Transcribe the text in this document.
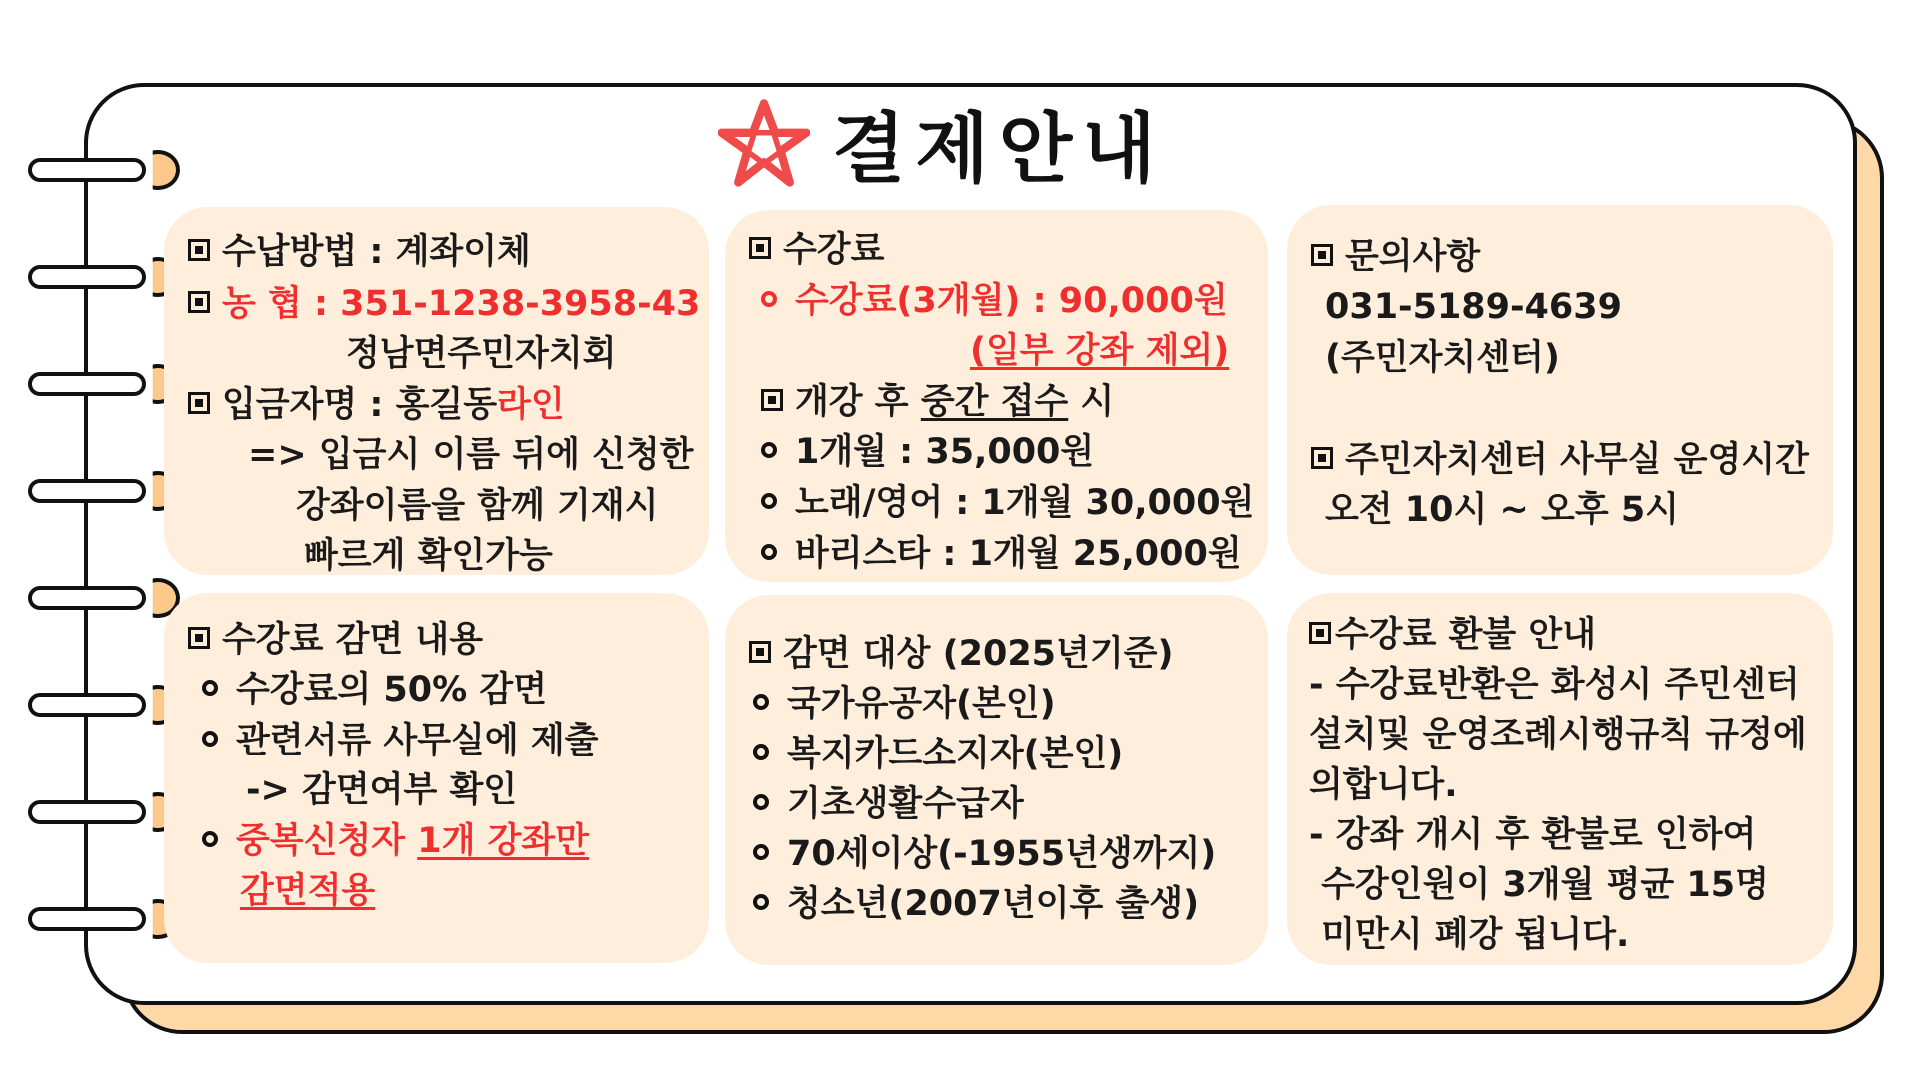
결제안내
수납방법 : 계좌이체
농 협 : 351-1238-3958-43
정남면주민자치회
입금자명 : 홍길동라인
=> 입금시 이름 뒤에 신청한
강좌이름을 함께 기재시
빠르게 확인가능
수강료
수강료(3개월) : 90,000원
(일부 강좌 제외)
개강 후 중간 접수 시
1개월 : 35,000원
노래/영어 : 1개월 30,000원
바리스타 : 1개월 25,000원
문의사항
031-5189-4639
(주민자치센터)
주민자치센터 사무실 운영시간
오전 10시 ~ 오후 5시
수강료 감면 내용
수강료의 50% 감면
관련서류 사무실에 제출
-> 감면여부 확인
중복신청자 1개 강좌만
감면적용
감면 대상 (2025년기준)
국가유공자(본인)
복지카드소지자(본인)
기초생활수급자
70세이상(-1955년생까지)
청소년(2007년이후 출생)
수강료 환불 안내
- 수강료반환은 화성시 주민센터
설치및 운영조례시행규칙 규정에
의합니다.
- 강좌 개시 후 환불로 인하여
수강인원이 3개월 평균 15명
미만시 폐강 됩니다.
